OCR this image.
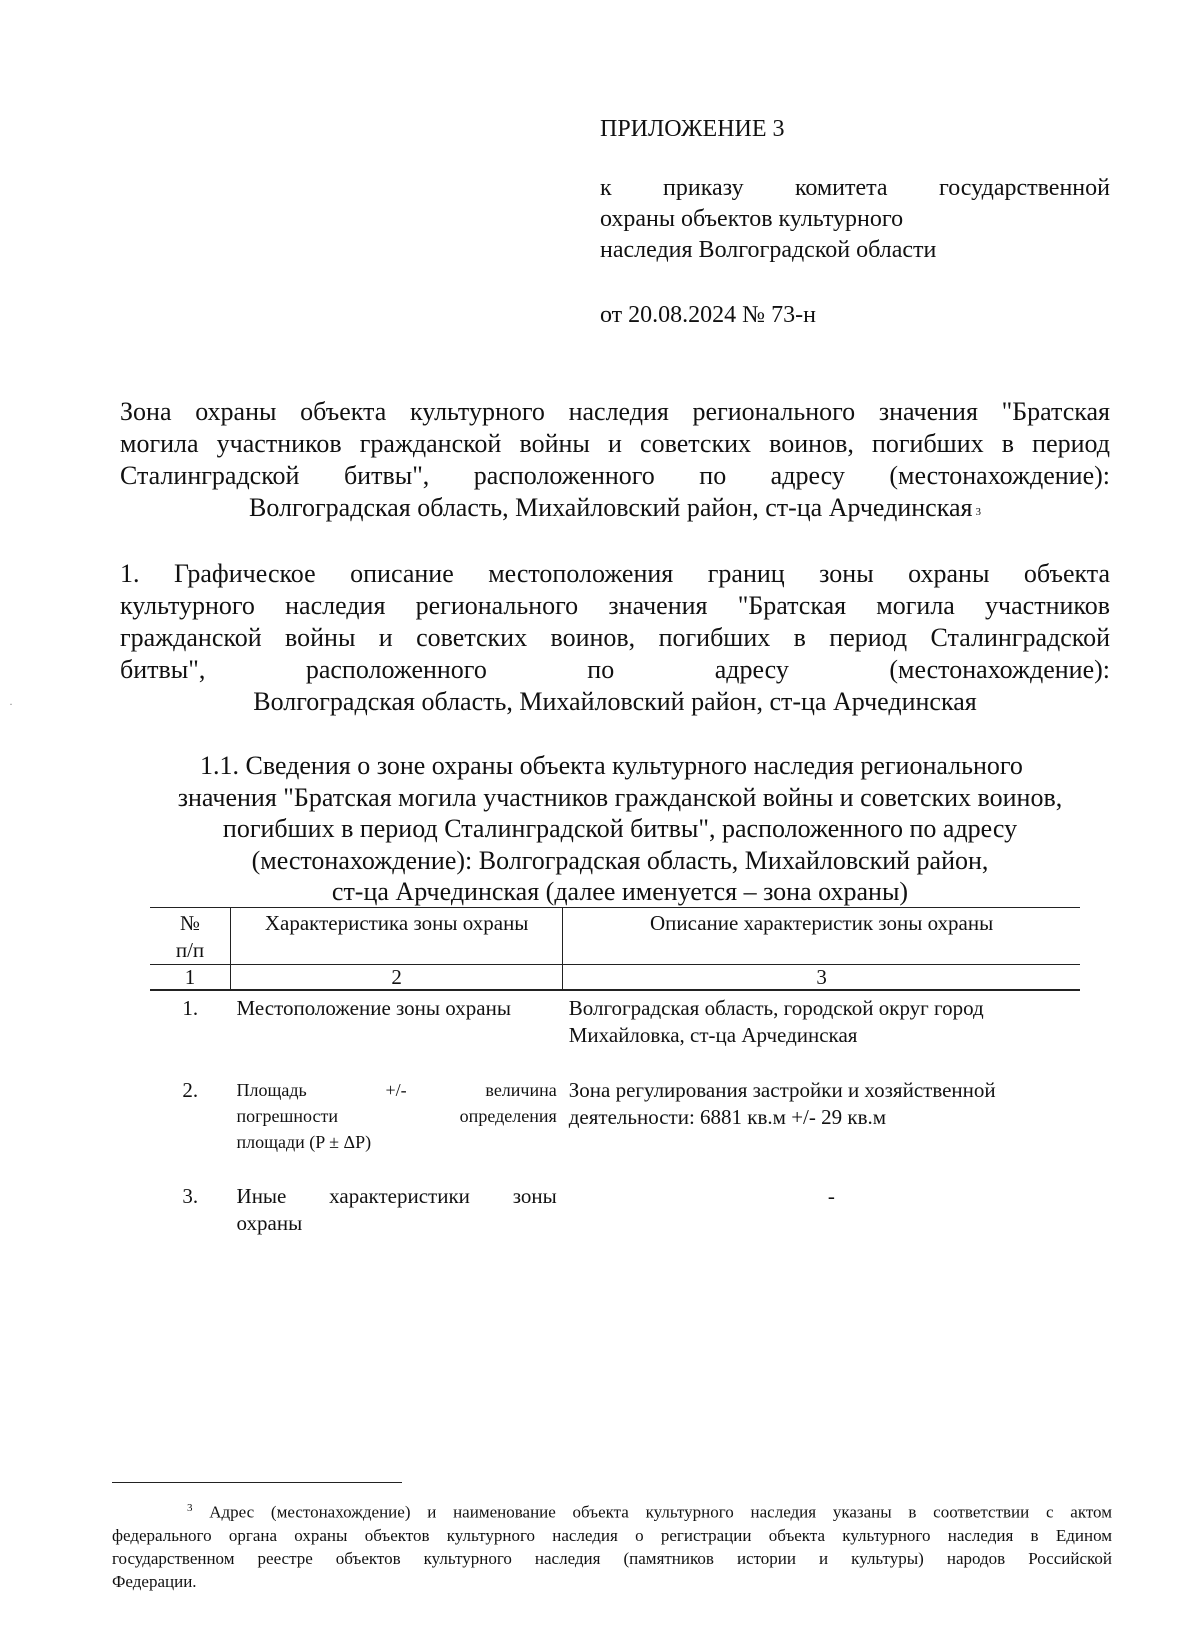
ПРИЛОЖЕНИЕ 3
к приказу комитета государственной
охраны объектов культурного
наследия Волгоградской области
от 20.08.2024 № 73-н
Зона охраны объекта культурного наследия регионального значения "Братская
могила участников гражданской войны и советских воинов, погибших в период
Сталинградской битвы", расположенного по адресу (местонахождение):
Волгоградская область, Михайловский район, ст-ца Арчединская $^3$
1. Графическое описание местоположения границ зоны охраны объекта
культурного наследия регионального значения "Братская могила участников
гражданской войны и советских воинов, погибших в период Сталинградской
битвы", расположенного по адресу (местонахождение):
Волгоградская область, Михайловский район, ст-ца Арчединская
1.1. Сведения о зоне охраны объекта культурного наследия регионального
значения "Братская могила участников гражданской войны и советских воинов,
погибших в период Сталинградской битвы", расположенного по адресу
(местонахождение): Волгоградская область, Михайловский район,
ст-ца Арчединская (далее именуется – зона охраны)
№
п/п	Характеристика зоны охраны	Описание характеристик зоны охраны
1	2	3
1.	Местоположение зоны охраны	Волгоградская область, городской округ город
Михайловка, ст-ца Арчединская

2.	Площадь +/- величина
погрешности определения
площади (P ± ΔP)	Зона регулирования застройки и хозяйственной
деятельности: 6881 кв.м +/- 29 кв.м

3.	Иные характеристики зоны
охраны	-
$^3$ Адрес (местонахождение) и наименование объекта культурного наследия указаны в соответствии с актом
федерального органа охраны объектов культурного наследия о регистрации объекта культурного наследия в Едином
государственном реестре объектов культурного наследия (памятников истории и культуры) народов Российской
Федерации.
·
